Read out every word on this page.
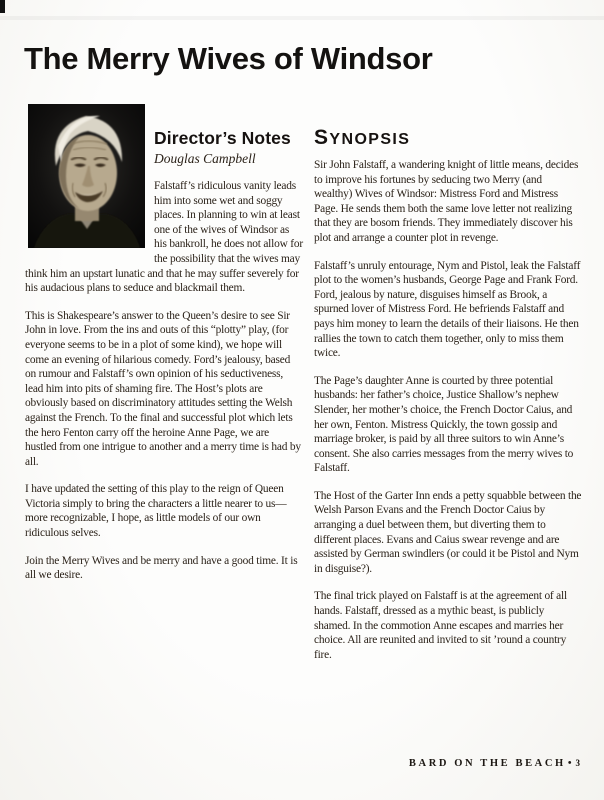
The Merry Wives of Windsor
Director’s Notes
Douglas Campbell

Falstaff’s ridiculous vanity leads him into some wet and soggy places. In planning to win at least one of the wives of Windsor as his bankroll, he does not allow for the possibility that the wives may think him an upstart lunatic and that he may suffer severely for his audacious plans to seduce and blackmail them.

This is Shakespeare’s answer to the Queen’s desire to see Sir John in love. From the ins and outs of this “plotty” play, (for everyone seems to be in a plot of some kind), we hope will come an evening of hilarious comedy. Ford’s jealousy, based on rumour and Falstaff’s own opinion of his seductiveness, lead him into pits of shaming fire. The Host’s plots are obviously based on discriminatory attitudes setting the Welsh against the French. To the final and successful plot which lets the hero Fenton carry off the heroine Anne Page, we are hustled from one intrigue to another and a merry time is had by all.

I have updated the setting of this play to the reign of Queen Victoria simply to bring the characters a little nearer to us—more recognizable, I hope, as little models of our own ridiculous selves.

Join the Merry Wives and be merry and have a good time. It is all we desire.

SYNOPSIS

Sir John Falstaff, a wandering knight of little means, decides to improve his fortunes by seducing two Merry (and wealthy) Wives of Windsor: Mistress Ford and Mistress Page. He sends them both the same love letter not realizing that they are bosom friends. They immediately discover his plot and arrange a counter plot in revenge.

Falstaff’s unruly entourage, Nym and Pistol, leak the Falstaff plot to the women’s husbands, George Page and Frank Ford. Ford, jealous by nature, disguises himself as Brook, a spurned lover of Mistress Ford. He befriends Falstaff and pays him money to learn the details of their liaisons. He then rallies the town to catch them together, only to miss them twice.

The Page’s daughter Anne is courted by three potential husbands: her father’s choice, Justice Shallow’s nephew Slender, her mother’s choice, the French Doctor Caius, and her own, Fenton. Mistress Quickly, the town gossip and marriage broker, is paid by all three suitors to win Anne’s consent. She also carries messages from the merry wives to Falstaff.

The Host of the Garter Inn ends a petty squabble between the Welsh Parson Evans and the French Doctor Caius by arranging a duel between them, but diverting them to different places. Evans and Caius swear revenge and are assisted by German swindlers (or could it be Pistol and Nym in disguise?).

The final trick played on Falstaff is at the agreement of all hands. Falstaff, dressed as a mythic beast, is publicly shamed. In the commotion Anne escapes and marries her choice. All are reunited and invited to sit ’round a country fire.

BARD ON THE BEACH • 3
